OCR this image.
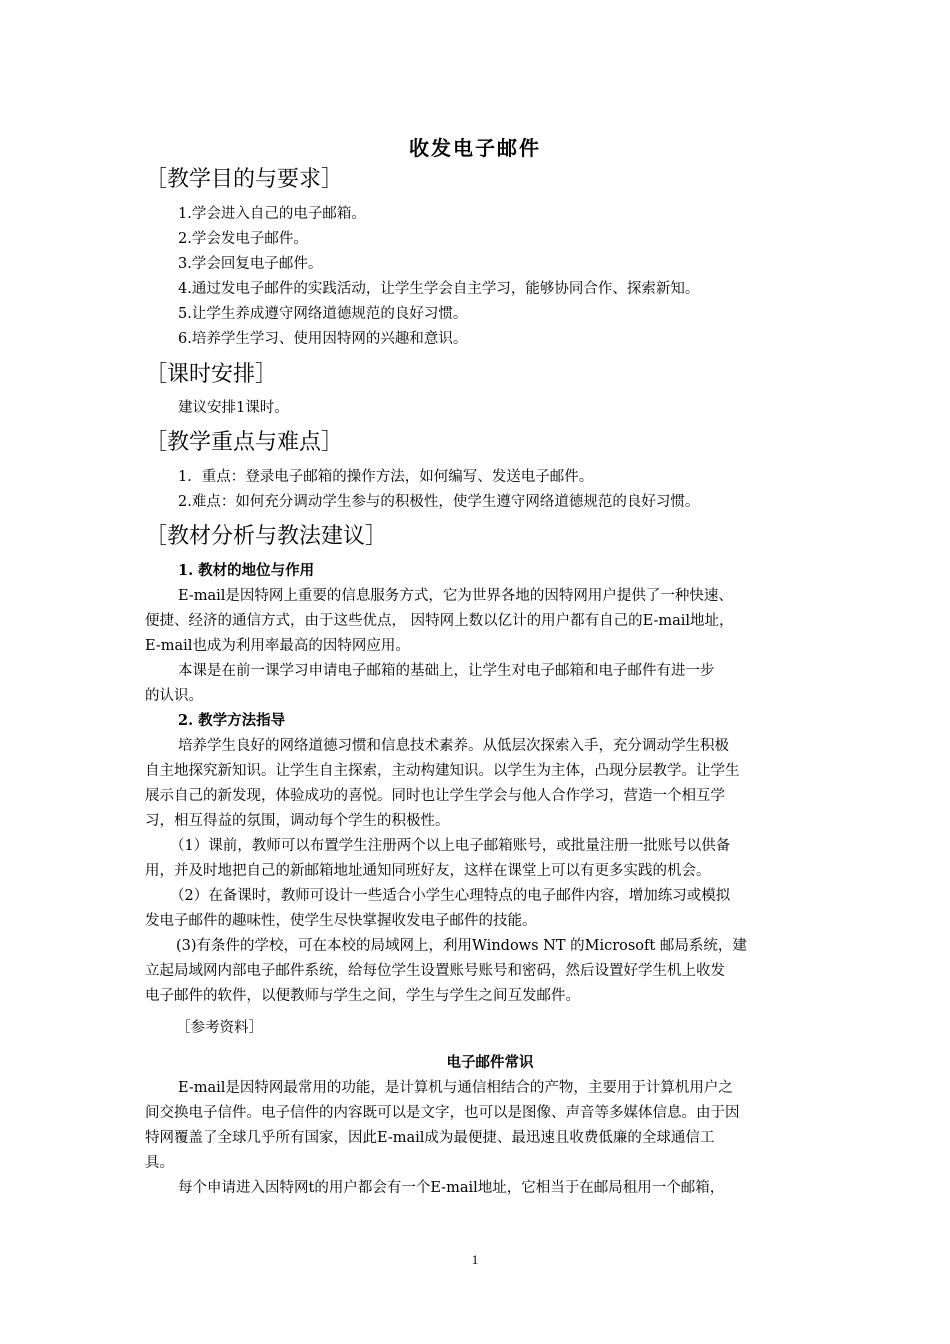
收发电子邮件
［教学目的与要求］
1.学会进入自己的电子邮箱。
2.学会发电子邮件。
3.学会回复电子邮件。
4.通过发电子邮件的实践活动，让学生学会自主学习，能够协同合作、探索新知。
5.让学生养成遵守网络道德规范的良好习惯。
6.培养学生学习、使用因特网的兴趣和意识。
［课时安排］
建议安排1课时。
［教学重点与难点］
1．重点：登录电子邮箱的操作方法，如何编写、发送电子邮件。
2.难点：如何充分调动学生参与的积极性，使学生遵守网络道德规范的良好习惯。
［教材分析与教法建议］
1. 教材的地位与作用
E-mail是因特网上重要的信息服务方式，它为世界各地的因特网用户提供了一种快速、
便捷、经济的通信方式，由于这些优点， 因特网上数以亿计的用户都有自己的E-mail地址，
E-mail也成为利用率最高的因特网应用。
本课是在前一课学习申请电子邮箱的基础上，让学生对电子邮箱和电子邮件有进一步
的认识。
2. 教学方法指导
培养学生良好的网络道德习惯和信息技术素养。从低层次探索入手，充分调动学生积极
自主地探究新知识。让学生自主探索，主动构建知识。以学生为主体，凸现分层教学。让学生
展示自己的新发现，体验成功的喜悦。同时也让学生学会与他人合作学习，营造一个相互学
习，相互得益的氛围，调动每个学生的积极性。
（1）课前，教师可以布置学生注册两个以上电子邮箱账号，或批量注册一批账号以供备
用，并及时地把自己的新邮箱地址通知同班好友，这样在课堂上可以有更多实践的机会。
（2）在备课时，教师可设计一些适合小学生心理特点的电子邮件内容，增加练习或模拟
发电子邮件的趣味性，使学生尽快掌握收发电子邮件的技能。
(3)有条件的学校，可在本校的局域网上，利用Windows NT 的Microsoft 邮局系统，建
立起局域网内部电子邮件系统，给每位学生设置账号账号和密码，然后设置好学生机上收发
电子邮件的软件，以便教师与学生之间，学生与学生之间互发邮件。
［参考资料］
电子邮件常识
E-mail是因特网最常用的功能，是计算机与通信相结合的产物，主要用于计算机用户之
间交换电子信件。电子信件的内容既可以是文字，也可以是图像、声音等多媒体信息。由于因
特网覆盖了全球几乎所有国家，因此E-mail成为最便捷、最迅速且收费低廉的全球通信工
具。
每个申请进入因特网t的用户都会有一个E-mail地址，它相当于在邮局租用一个邮箱，
1
